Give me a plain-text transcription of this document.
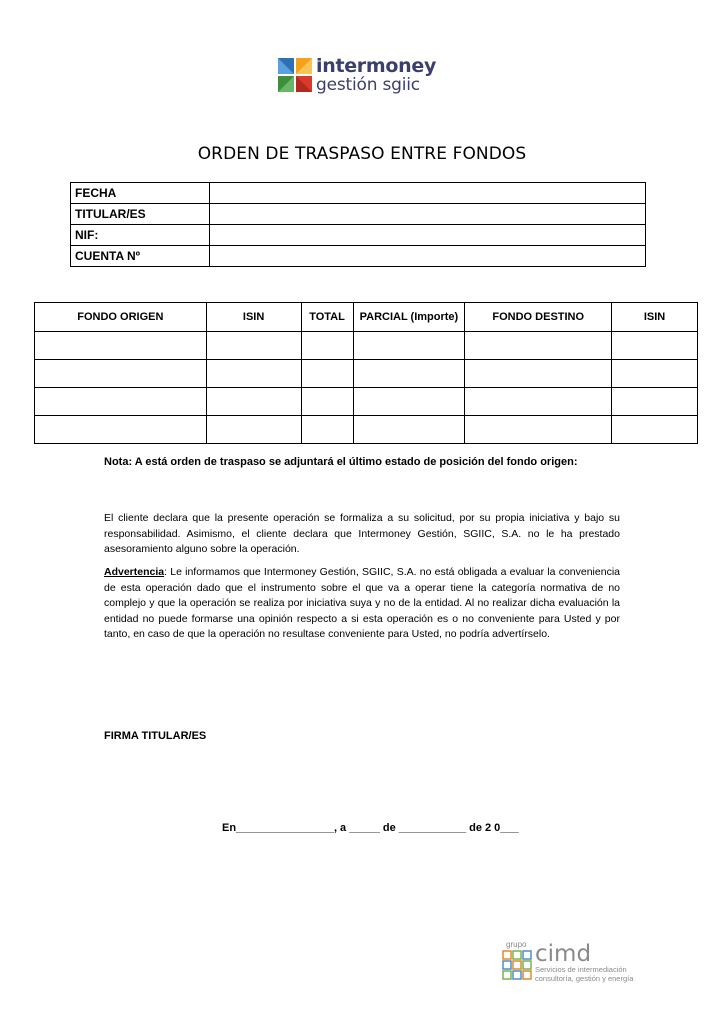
intermoney
gestión sgiic
ORDEN DE TRASPASO ENTRE FONDOS
FECHA	
TITULAR/ES	
NIF:	
CUENTA Nº	
FONDO ORIGEN	ISIN	TOTAL	PARCIAL (Importe)	FONDO DESTINO	ISIN

Nota: A está orden de traspaso se adjuntará el último estado de posición del fondo origen:
El cliente declara que la presente operación se formaliza a su solicitud, por su propia iniciativa y bajo su responsabilidad. Asimismo, el cliente declara que Intermoney Gestión, SGIIC, S.A. no le ha prestado asesoramiento alguno sobre la operación.
Advertencia: Le informamos que Intermoney Gestión, SGIIC, S.A. no está obligada a evaluar la conveniencia de esta operación dado que el instrumento sobre el que va a operar tiene la categoría normativa de no complejo y que la operación se realiza por iniciativa suya y no de la entidad. Al no realizar dicha evaluación la entidad no puede formarse una opinión respecto a si esta operación es o no conveniente para Usted y por tanto, en caso de que la operación no resultase conveniente para Usted, no podría advertírselo.
FIRMA TITULAR/ES
En________________, a _____ de ___________ de 2 0___
grupo cimd
Servicios de intermediación
consultoría, gestión y energía
